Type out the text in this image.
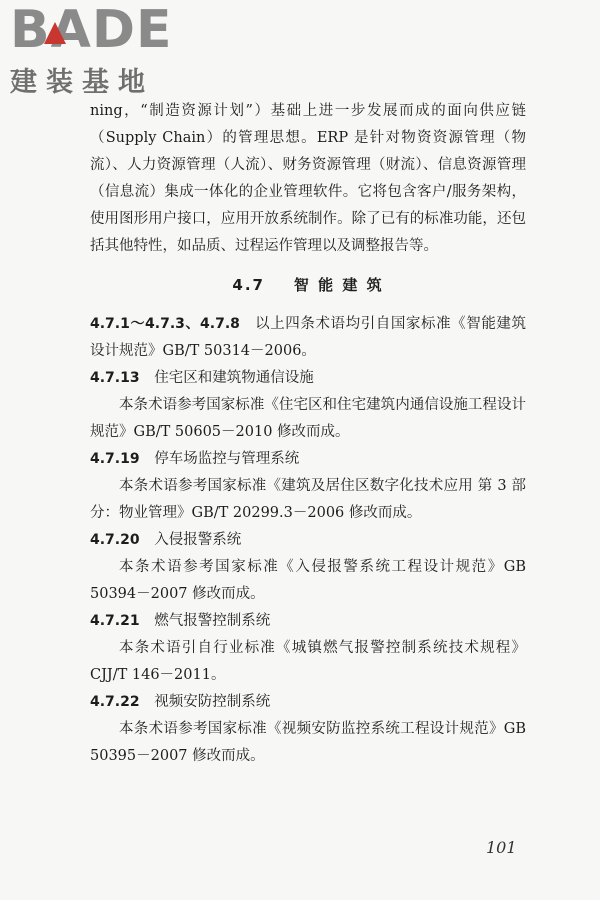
BADE
建装基地
ning，“制造资源计划”）基础上进一步发展而成的面向供应链（Supply Chain）的管理思想。ERP 是针对物资资源管理（物流）、人力资源管理（人流）、财务资源管理（财流）、信息资源管理（信息流）集成一体化的企业管理软件。它将包含客户/服务架构，使用图形用户接口，应用开放系统制作。除了已有的标准功能，还包括其他特性，如品质、过程运作管理以及调整报告等。
4.7 智 能 建 筑
4.7.1～4.7.3、4.7.8 以上四条术语均引自国家标准《智能建筑设计规范》GB/T 50314－2006。
4.7.13 住宅区和建筑物通信设施
本条术语参考国家标准《住宅区和住宅建筑内通信设施工程设计规范》GB/T 50605－2010 修改而成。
4.7.19 停车场监控与管理系统
本条术语参考国家标准《建筑及居住区数字化技术应用 第 3 部分：物业管理》GB/T 20299.3－2006 修改而成。
4.7.20 入侵报警系统
本条术语参考国家标准《入侵报警系统工程设计规范》GB 50394－2007 修改而成。
4.7.21 燃气报警控制系统
本条术语引自行业标准《城镇燃气报警控制系统技术规程》CJJ/T 146－2011。
4.7.22 视频安防控制系统
本条术语参考国家标准《视频安防监控系统工程设计规范》GB 50395－2007 修改而成。
101
